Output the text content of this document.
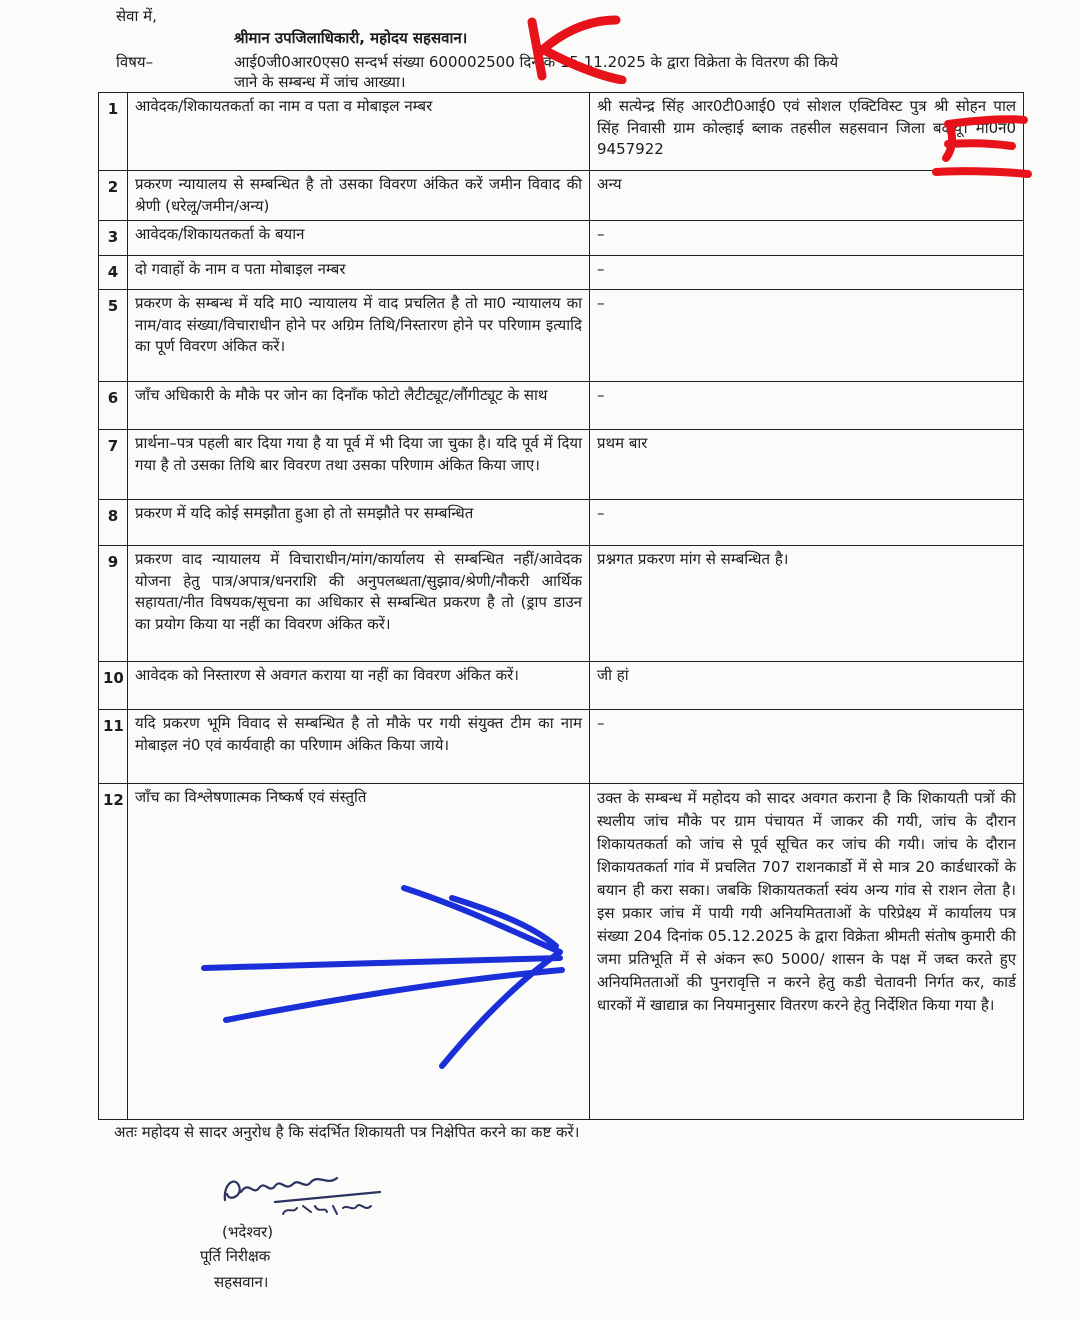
सेवा में,
श्रीमान उपजिलाधिकारी, महोदय सहसवान।
विषय–	आई0जी0आर0एस0 सन्दर्भ संख्या 600002500 दिनांक 15.11.2025 के द्वारा विक्रेता के वितरण की किये
जाने के सम्बन्ध में जांच आख्या।
1	आवेदक/शिकायतकर्ता का नाम व पता व मोबाइल नम्बर	श्री सत्येन्द्र सिंह आर0टी0आई0 एवं सोशल एक्टिविस्ट पुत्र श्री सोहन पाल सिंह निवासी ग्राम कोल्हाई ब्लाक तहसील सहसवान जिला बदायूँ। मो0नं0 9457922
2	प्रकरण न्यायालय से सम्बन्धित है तो उसका विवरण अंकित करें जमीन विवाद की श्रेणी (धरेलू/जमीन/अन्य)	अन्य
3	आवेदक/शिकायतकर्ता के बयान	–
4	दो गवाहों के नाम व पता मोबाइल नम्बर	–
5	प्रकरण के सम्बन्ध में यदि मा0 न्यायालय में वाद प्रचलित है तो मा0 न्यायालय का नाम/वाद संख्या/विचाराधीन होने पर अग्रिम तिथि/निस्तारण होने पर परिणाम इत्यादि का पूर्ण विवरण अंकित करें।	–
6	जाँच अधिकारी के मौके पर जोन का दिनाँक फोटो लैटीट्यूट/लौंगीट्यूट के साथ	–
7	प्रार्थना–पत्र पहली बार दिया गया है या पूर्व में भी दिया जा चुका है। यदि पूर्व में दिया गया है तो उसका तिथि बार विवरण तथा उसका परिणाम अंकित किया जाए।	प्रथम बार
8	प्रकरण में यदि कोई समझौता हुआ हो तो समझौते पर सम्बन्धित	–
9	प्रकरण वाद न्यायालय में विचाराधीन/मांग/कार्यालय से सम्बन्धित नहीं/आवेदक योजना हेतु पात्र/अपात्र/धनराशि की अनुपलब्धता/सुझाव/श्रेणी/नौकरी आर्थिक सहायता/नीत विषयक/सूचना का अधिकार से सम्बन्धित प्रकरण है तो (ड्राप डाउन का प्रयोग किया या नहीं का विवरण अंकित करें।	प्रश्नगत प्रकरण मांग से सम्बन्धित है।
10	आवेदक को निस्तारण से अवगत कराया या नहीं का विवरण अंकित करें।	जी हां
11	यदि प्रकरण भूमि विवाद से सम्बन्धित है तो मौके पर गयी संयुक्त टीम का नाम मोबाइल नं0 एवं कार्यवाही का परिणाम अंकित किया जाये।	–
12	जाँच का विश्लेषणात्मक निष्कर्ष एवं संस्तुति	उक्त के सम्बन्ध में महोदय को सादर अवगत कराना है कि शिकायती पत्रों की स्थलीय जांच मौके पर ग्राम पंचायत में जाकर की गयी, जांच के दौरान शिकायतकर्ता को जांच से पूर्व सूचित कर जांच की गयी। जांच के दौरान शिकायतकर्ता गांव में प्रचलित 707 राशनकार्डो में से मात्र 20 कार्डधारकों के बयान ही करा सका। जबकि शिकायतकर्ता स्वंय अन्य गांव से राशन लेता है। इस प्रकार जांच में पायी गयी अनियमितताओं के परिप्रेक्ष्य में कार्यालय पत्र संख्या 204 दिनांक 05.12.2025 के द्वारा विक्रेता श्रीमती संतोष कुमारी की जमा प्रतिभूति में से अंकन रू0 5000/ शासन के पक्ष में जब्त करते हुए अनियमितताओं की पुनरावृत्ति न करने हेतु कडी चेतावनी निर्गत कर, कार्ड धारकों में खाद्यान्न का नियमानुसार वितरण करने हेतु निर्देशित किया गया है।
अतः महोदय से सादर अनुरोध है कि संदर्भित शिकायती पत्र निक्षेपित करने का कष्ट करें।
(भदेश्वर)
पूर्ति निरीक्षक
सहसवान।
